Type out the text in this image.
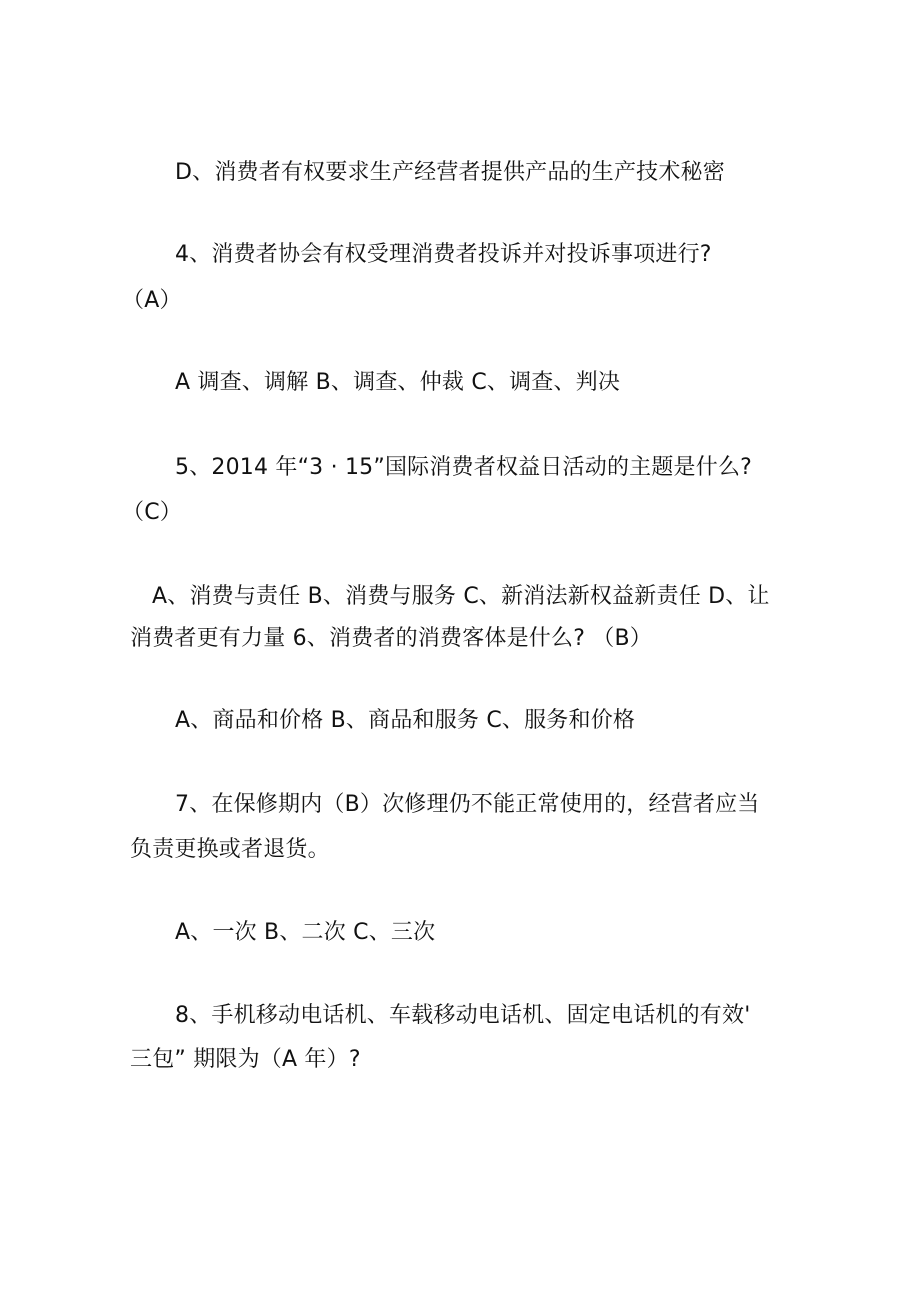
D、消费者有权要求生产经营者提供产品的生产技术秘密
4、消费者协会有权受理消费者投诉并对投诉事项进行?
（A）
A 调查、调解 B、调查、仲裁 C、调查、判决
5、2014 年“3 · 15”国际消费者权益日活动的主题是什么?
（C）
A、消费与责任 B、消费与服务 C、新消法新权益新责任 D、让
消费者更有力量 6、消费者的消费客体是什么? （B）
A、商品和价格 B、商品和服务 C、服务和价格
7、在保修期内（B）次修理仍不能正常使用的，经营者应当
负责更换或者退货。
A、一次 B、二次 C、三次
8、手机移动电话机、车载移动电话机、固定电话机的有效'
三包” 期限为（A 年）?
